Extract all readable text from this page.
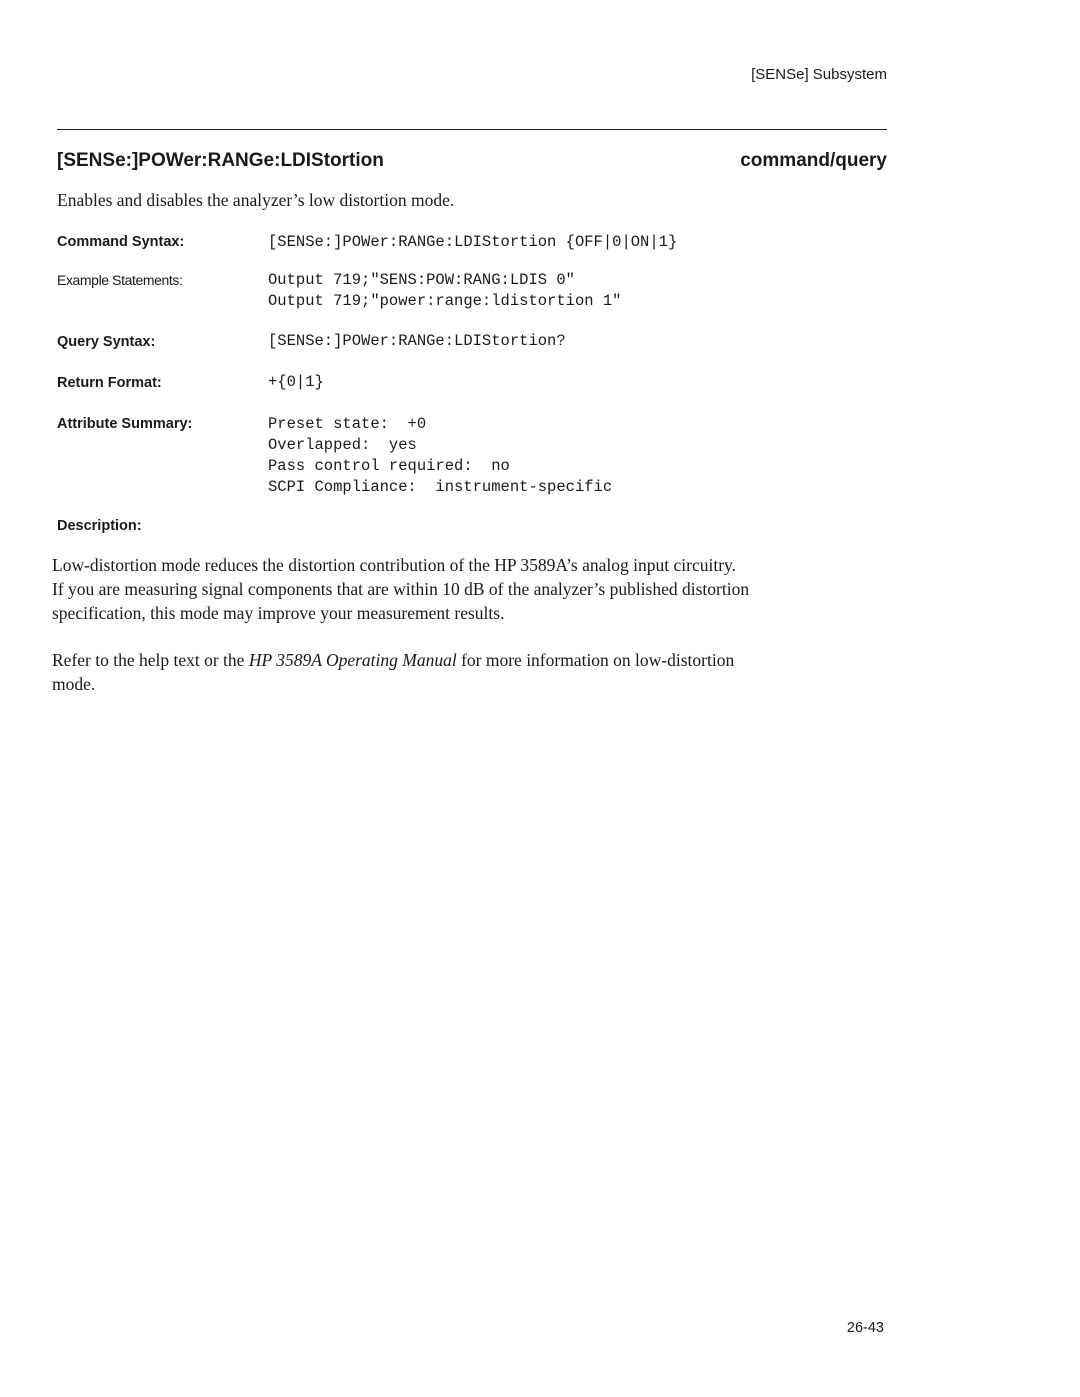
[SENSe] Subsystem
[SENSe:]POWer:RANGe:LDIStortion	command/query
Enables and disables the analyzer’s low distortion mode.
Command Syntax:	[SENSe:]POWer:RANGe:LDIStortion {OFF|0|ON|1}
Example Statements:	Output 719;"SENS:POW:RANG:LDIS 0"
Output 719;"power:range:ldistortion 1"
Query Syntax:	[SENSe:]POWer:RANGe:LDIStortion?
Return Format:	+{0|1}
Attribute Summary:	Preset state:  +0
Overlapped:  yes
Pass control required:  no
SCPI Compliance:  instrument-specific
Description:
Low-distortion mode reduces the distortion contribution of the HP 3589A’s analog input circuitry.
If you are measuring signal components that are within 10 dB of the analyzer’s published distortion
specification, this mode may improve your measurement results.
Refer to the help text or the HP 3589A Operating Manual for more information on low-distortion
mode.
26-43
